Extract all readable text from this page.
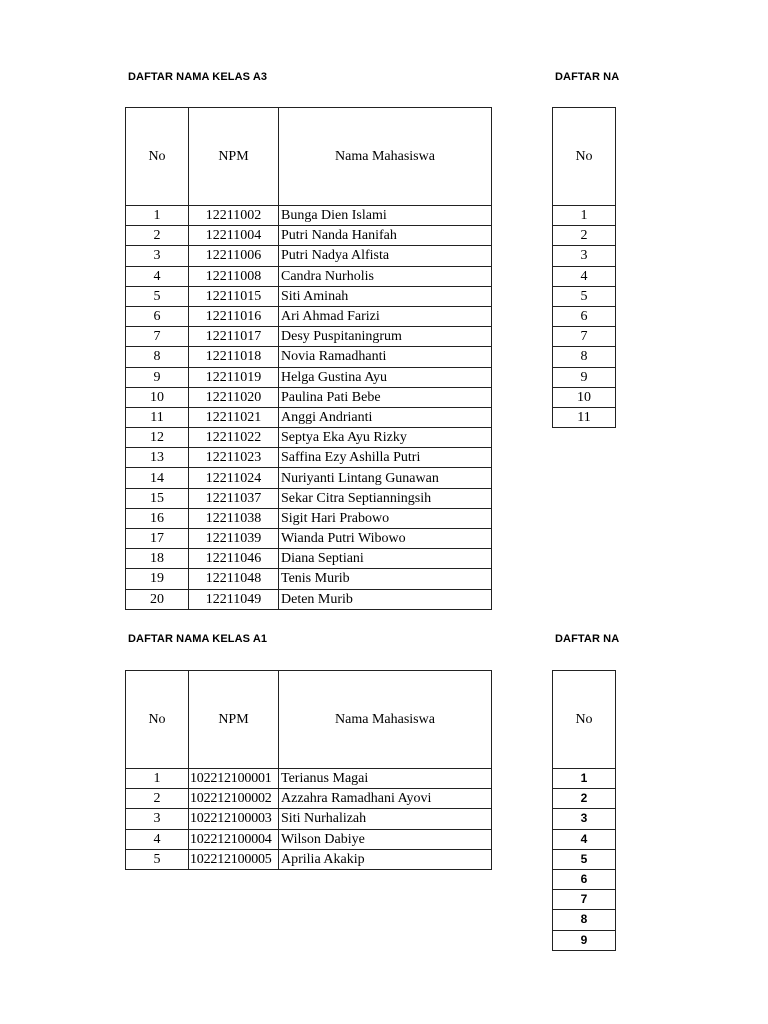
DAFTAR NAMA KELAS A3
No	NPM	Nama Mahasiswa
1	12211002	Bunga Dien Islami
2	12211004	Putri Nanda Hanifah
3	12211006	Putri Nadya Alfista
4	12211008	Candra Nurholis
5	12211015	Siti Aminah
6	12211016	Ari Ahmad Farizi
7	12211017	Desy Puspitaningrum
8	12211018	Novia Ramadhanti
9	12211019	Helga Gustina Ayu
10	12211020	Paulina Pati Bebe
11	12211021	Anggi Andrianti
12	12211022	Septya Eka Ayu Rizky
13	12211023	Saffina Ezy Ashilla Putri
14	12211024	Nuriyanti Lintang Gunawan
15	12211037	Sekar Citra Septianningsih
16	12211038	Sigit Hari Prabowo
17	12211039	Wianda Putri Wibowo
18	12211046	Diana Septiani
19	12211048	Tenis Murib
20	12211049	Deten Murib
DAFTAR NAMA KELAS A1
No	NPM	Nama Mahasiswa
1	102212100001	Terianus Magai
2	102212100002	Azzahra Ramadhani Ayovi
3	102212100003	Siti Nurhalizah
4	102212100004	Wilson Dabiye
5	102212100005	Aprilia Akakip
DAFTAR NA
No
1
2
3
4
5
6
7
8
9
10
11
DAFTAR NA
No
1
2
3
4
5
6
7
8
9
